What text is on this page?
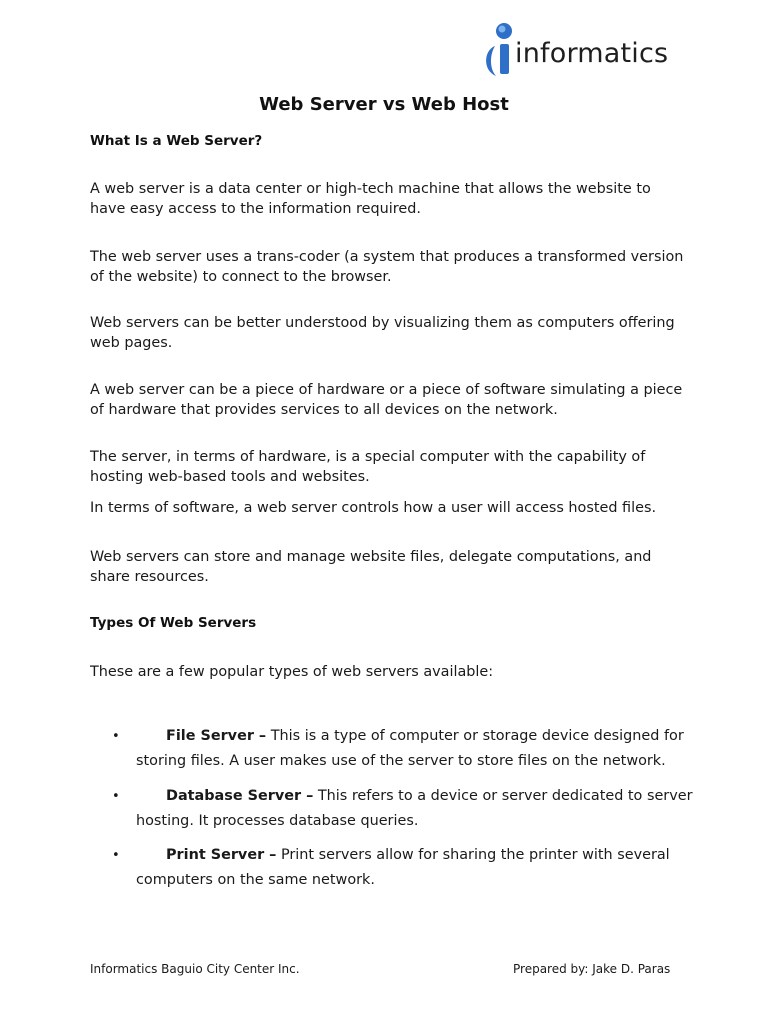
informatics
Web Server vs Web Host
What Is a Web Server?

A web server is a data center or high-tech machine that allows the website to have easy access to the information required.

The web server uses a trans-coder (a system that produces a transformed version of the website) to connect to the browser.

Web servers can be better understood by visualizing them as computers offering web pages.

A web server can be a piece of hardware or a piece of software simulating a piece of hardware that provides services to all devices on the network.

The server, in terms of hardware, is a special computer with the capability of hosting web-based tools and websites.

In terms of software, a web server controls how a user will access hosted files.

Web servers can store and manage website files, delegate computations, and share resources.

Types Of Web Servers

These are a few popular types of web servers available:

•	File Server – This is a type of computer or storage device designed for storing files. A user makes use of the server to store files on the network.
•	Database Server – This refers to a device or server dedicated to server hosting. It processes database queries.
•	Print Server – Print servers allow for sharing the printer with several computers on the same network.

Informatics Baguio City Center Inc.	Prepared by: Jake D. Paras
